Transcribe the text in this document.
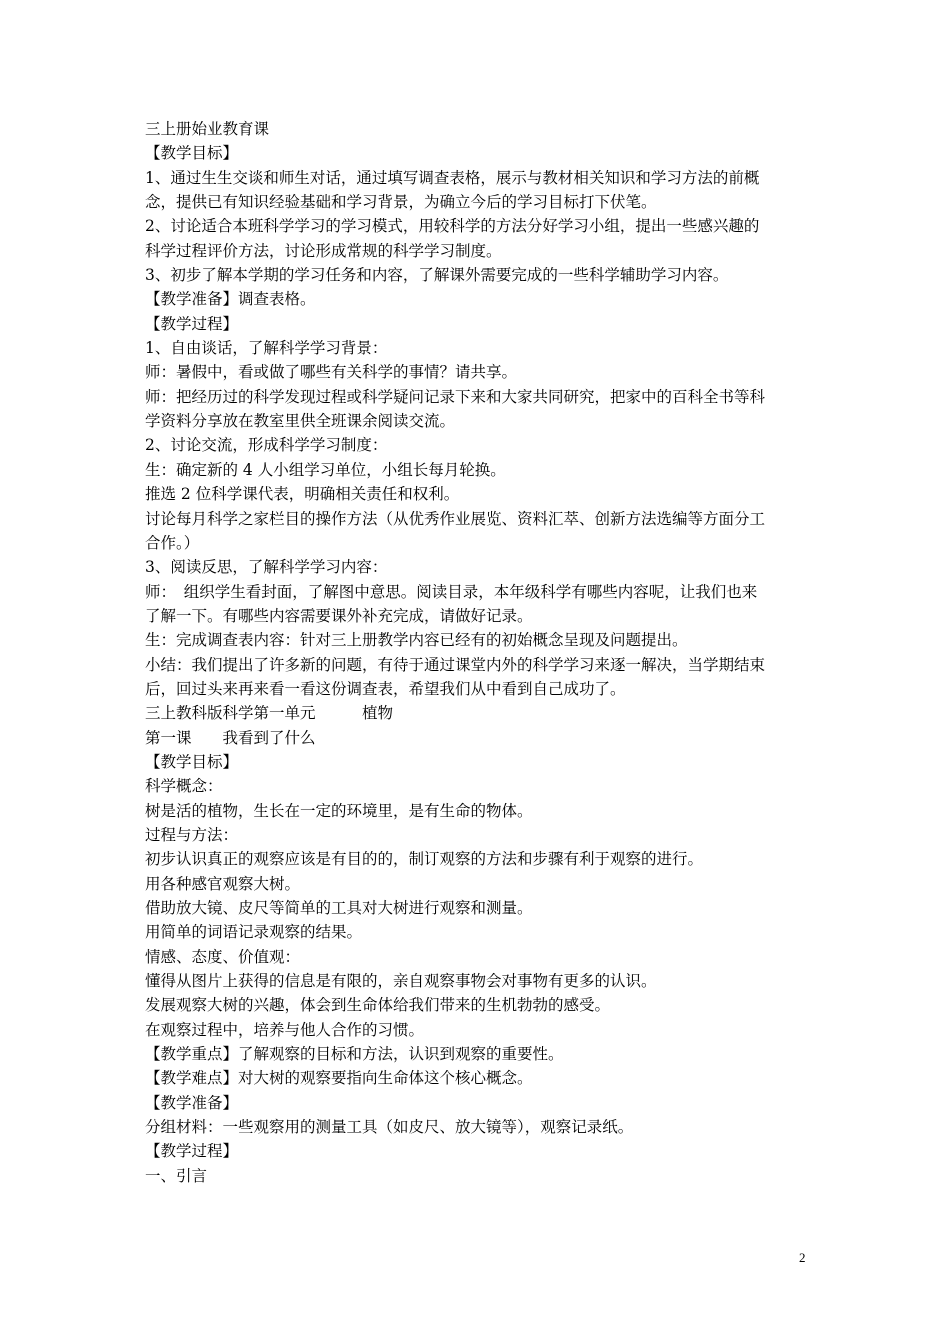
三上册始业教育课
【教学目标】
1、通过生生交谈和师生对话，通过填写调查表格，展示与教材相关知识和学习方法的前概
念，提供已有知识经验基础和学习背景，为确立今后的学习目标打下伏笔。
2、讨论适合本班科学学习的学习模式，用较科学的方法分好学习小组，提出一些感兴趣的
科学过程评价方法，讨论形成常规的科学学习制度。
3、初步了解本学期的学习任务和内容，了解课外需要完成的一些科学辅助学习内容。
【教学准备】调查表格。
【教学过程】
1、自由谈话，了解科学学习背景：
师：暑假中，看或做了哪些有关科学的事情？请共享。
师：把经历过的科学发现过程或科学疑问记录下来和大家共同研究，把家中的百科全书等科
学资料分享放在教室里供全班课余阅读交流。
2、讨论交流，形成科学学习制度：
生：确定新的 4 人小组学习单位，小组长每月轮换。
推选 2 位科学课代表，明确相关责任和权利。
讨论每月科学之家栏目的操作方法（从优秀作业展览、资料汇萃、创新方法选编等方面分工
合作。）
3、阅读反思，了解科学学习内容：
师：　组织学生看封面，了解图中意思。阅读目录，本年级科学有哪些内容呢，让我们也来
了解一下。有哪些内容需要课外补充完成，请做好记录。
生：完成调查表内容：针对三上册教学内容已经有的初始概念呈现及问题提出。
小结：我们提出了许多新的问题，有待于通过课堂内外的科学学习来逐一解决，当学期结束
后，回过头来再来看一看这份调查表，希望我们从中看到自己成功了。
三上教科版科学第一单元　　　植物
第一课　　我看到了什么
【教学目标】
科学概念：
树是活的植物，生长在一定的环境里，是有生命的物体。
过程与方法：
初步认识真正的观察应该是有目的的，制订观察的方法和步骤有利于观察的进行。
用各种感官观察大树。
借助放大镜、皮尺等简单的工具对大树进行观察和测量。
用简单的词语记录观察的结果。
情感、态度、价值观：
懂得从图片上获得的信息是有限的，亲自观察事物会对事物有更多的认识。
发展观察大树的兴趣，体会到生命体给我们带来的生机勃勃的感受。
在观察过程中，培养与他人合作的习惯。
【教学重点】了解观察的目标和方法，认识到观察的重要性。
【教学难点】对大树的观察要指向生命体这个核心概念。
【教学准备】
分组材料：一些观察用的测量工具（如皮尺、放大镜等），观察记录纸。
【教学过程】
一、引言
2
